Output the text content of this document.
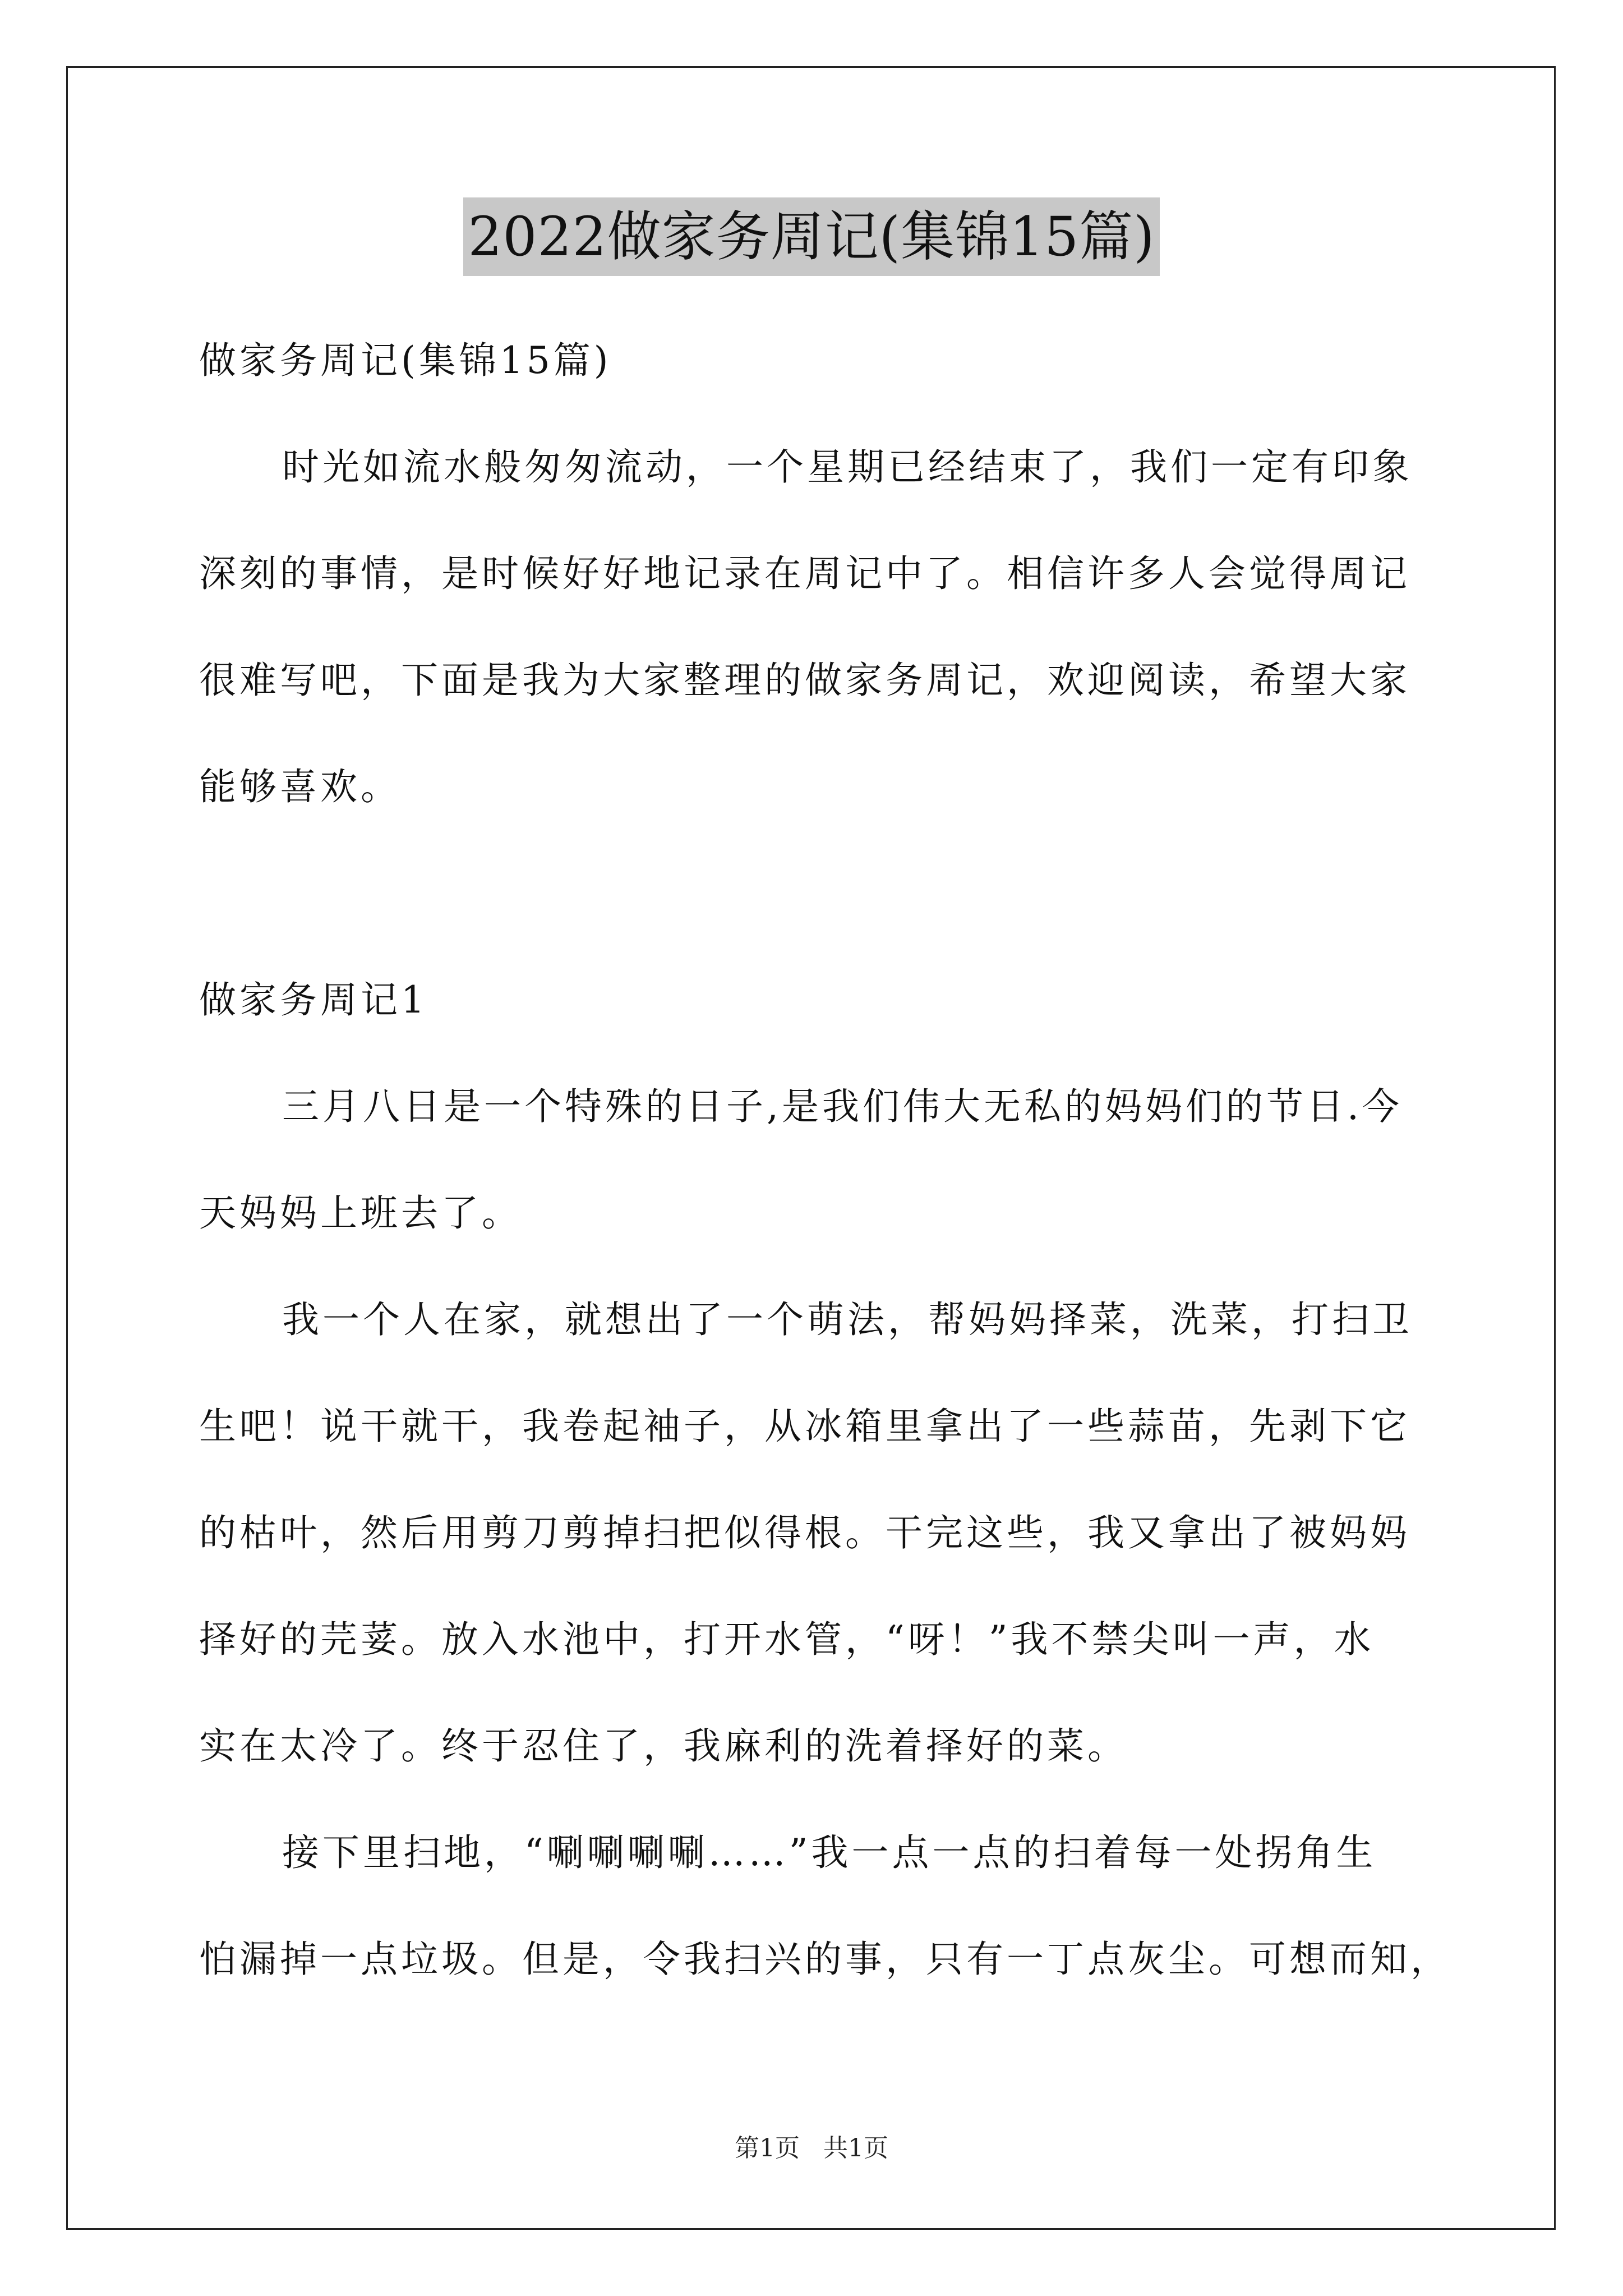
2022做家务周记(集锦15篇)
做家务周记(集锦15篇)
时光如流水般匆匆流动，一个星期已经结束了，我们一定有印象
深刻的事情，是时候好好地记录在周记中了。相信许多人会觉得周记
很难写吧，下面是我为大家整理的做家务周记，欢迎阅读，希望大家
能够喜欢。
做家务周记1
三月八日是一个特殊的日子,是我们伟大无私的妈妈们的节日.今
天妈妈上班去了。
我一个人在家，就想出了一个萌法，帮妈妈择菜，洗菜，打扫卫
生吧！说干就干，我卷起袖子，从冰箱里拿出了一些蒜苗，先剥下它
的枯叶，然后用剪刀剪掉扫把似得根。干完这些，我又拿出了被妈妈
择好的芫荽。放入水池中，打开水管，“呀！”我不禁尖叫一声，水
实在太冷了。终于忍住了，我麻利的洗着择好的菜。
接下里扫地，“唰唰唰唰……”我一点一点的扫着每一处拐角生
怕漏掉一点垃圾。但是，令我扫兴的事，只有一丁点灰尘。可想而知，
第1页   共1页
